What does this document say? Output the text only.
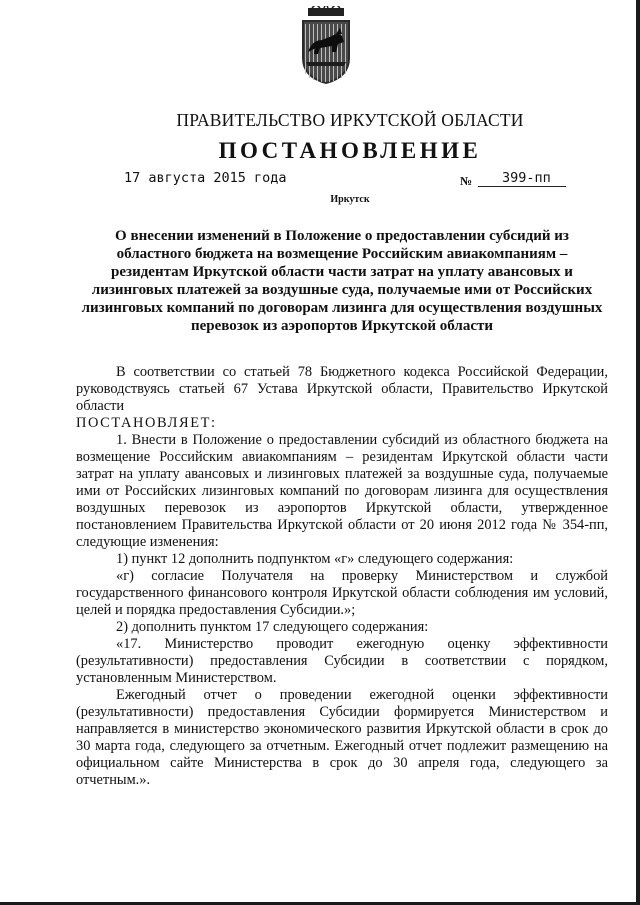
ПРАВИТЕЛЬСТВО ИРКУТСКОЙ ОБЛАСТИ
ПОСТАНОВЛЕНИЕ
17 августа 2015 года	№ 399-пп
Иркутск
О внесении изменений в Положение о предоставлении субсидий из областного бюджета на возмещение Российским авиакомпаниям – резидентам Иркутской области части затрат на уплату авансовых и лизинговых платежей за воздушные суда, получаемые ими от Российских лизинговых компаний по договорам лизинга для осуществления воздушных перевозок из аэропортов Иркутской области

В соответствии со статьей 78 Бюджетного кодекса Российской Федерации, руководствуясь статьей 67 Устава Иркутской области, Правительство Иркутской области

ПОСТАНОВЛЯЕТ:

1. Внести в Положение о предоставлении субсидий из областного бюджета на возмещение Российским авиакомпаниям – резидентам Иркутской области части затрат на уплату авансовых и лизинговых платежей за воздушные суда, получаемые ими от Российских лизинговых компаний по договорам лизинга для осуществления воздушных перевозок из аэропортов Иркутской области, утвержденное постановлением Правительства Иркутской области от 20 июня 2012 года № 354-пп, следующие изменения:

1) пункт 12 дополнить подпунктом «г» следующего содержания:

«г) согласие Получателя на проверку Министерством и службой государственного финансового контроля Иркутской области соблюдения им условий, целей и порядка предоставления Субсидии.»;

2) дополнить пунктом 17 следующего содержания:

«17. Министерство проводит ежегодную оценку эффективности (результативности) предоставления Субсидии в соответствии с порядком, установленным Министерством.

Ежегодный отчет о проведении ежегодной оценки эффективности (результативности) предоставления Субсидии формируется Министерством и направляется в министерство экономического развития Иркутской области в срок до 30 марта года, следующего за отчетным. Ежегодный отчет подлежит размещению на официальном сайте Министерства в срок до 30 апреля года, следующего за отчетным.».
